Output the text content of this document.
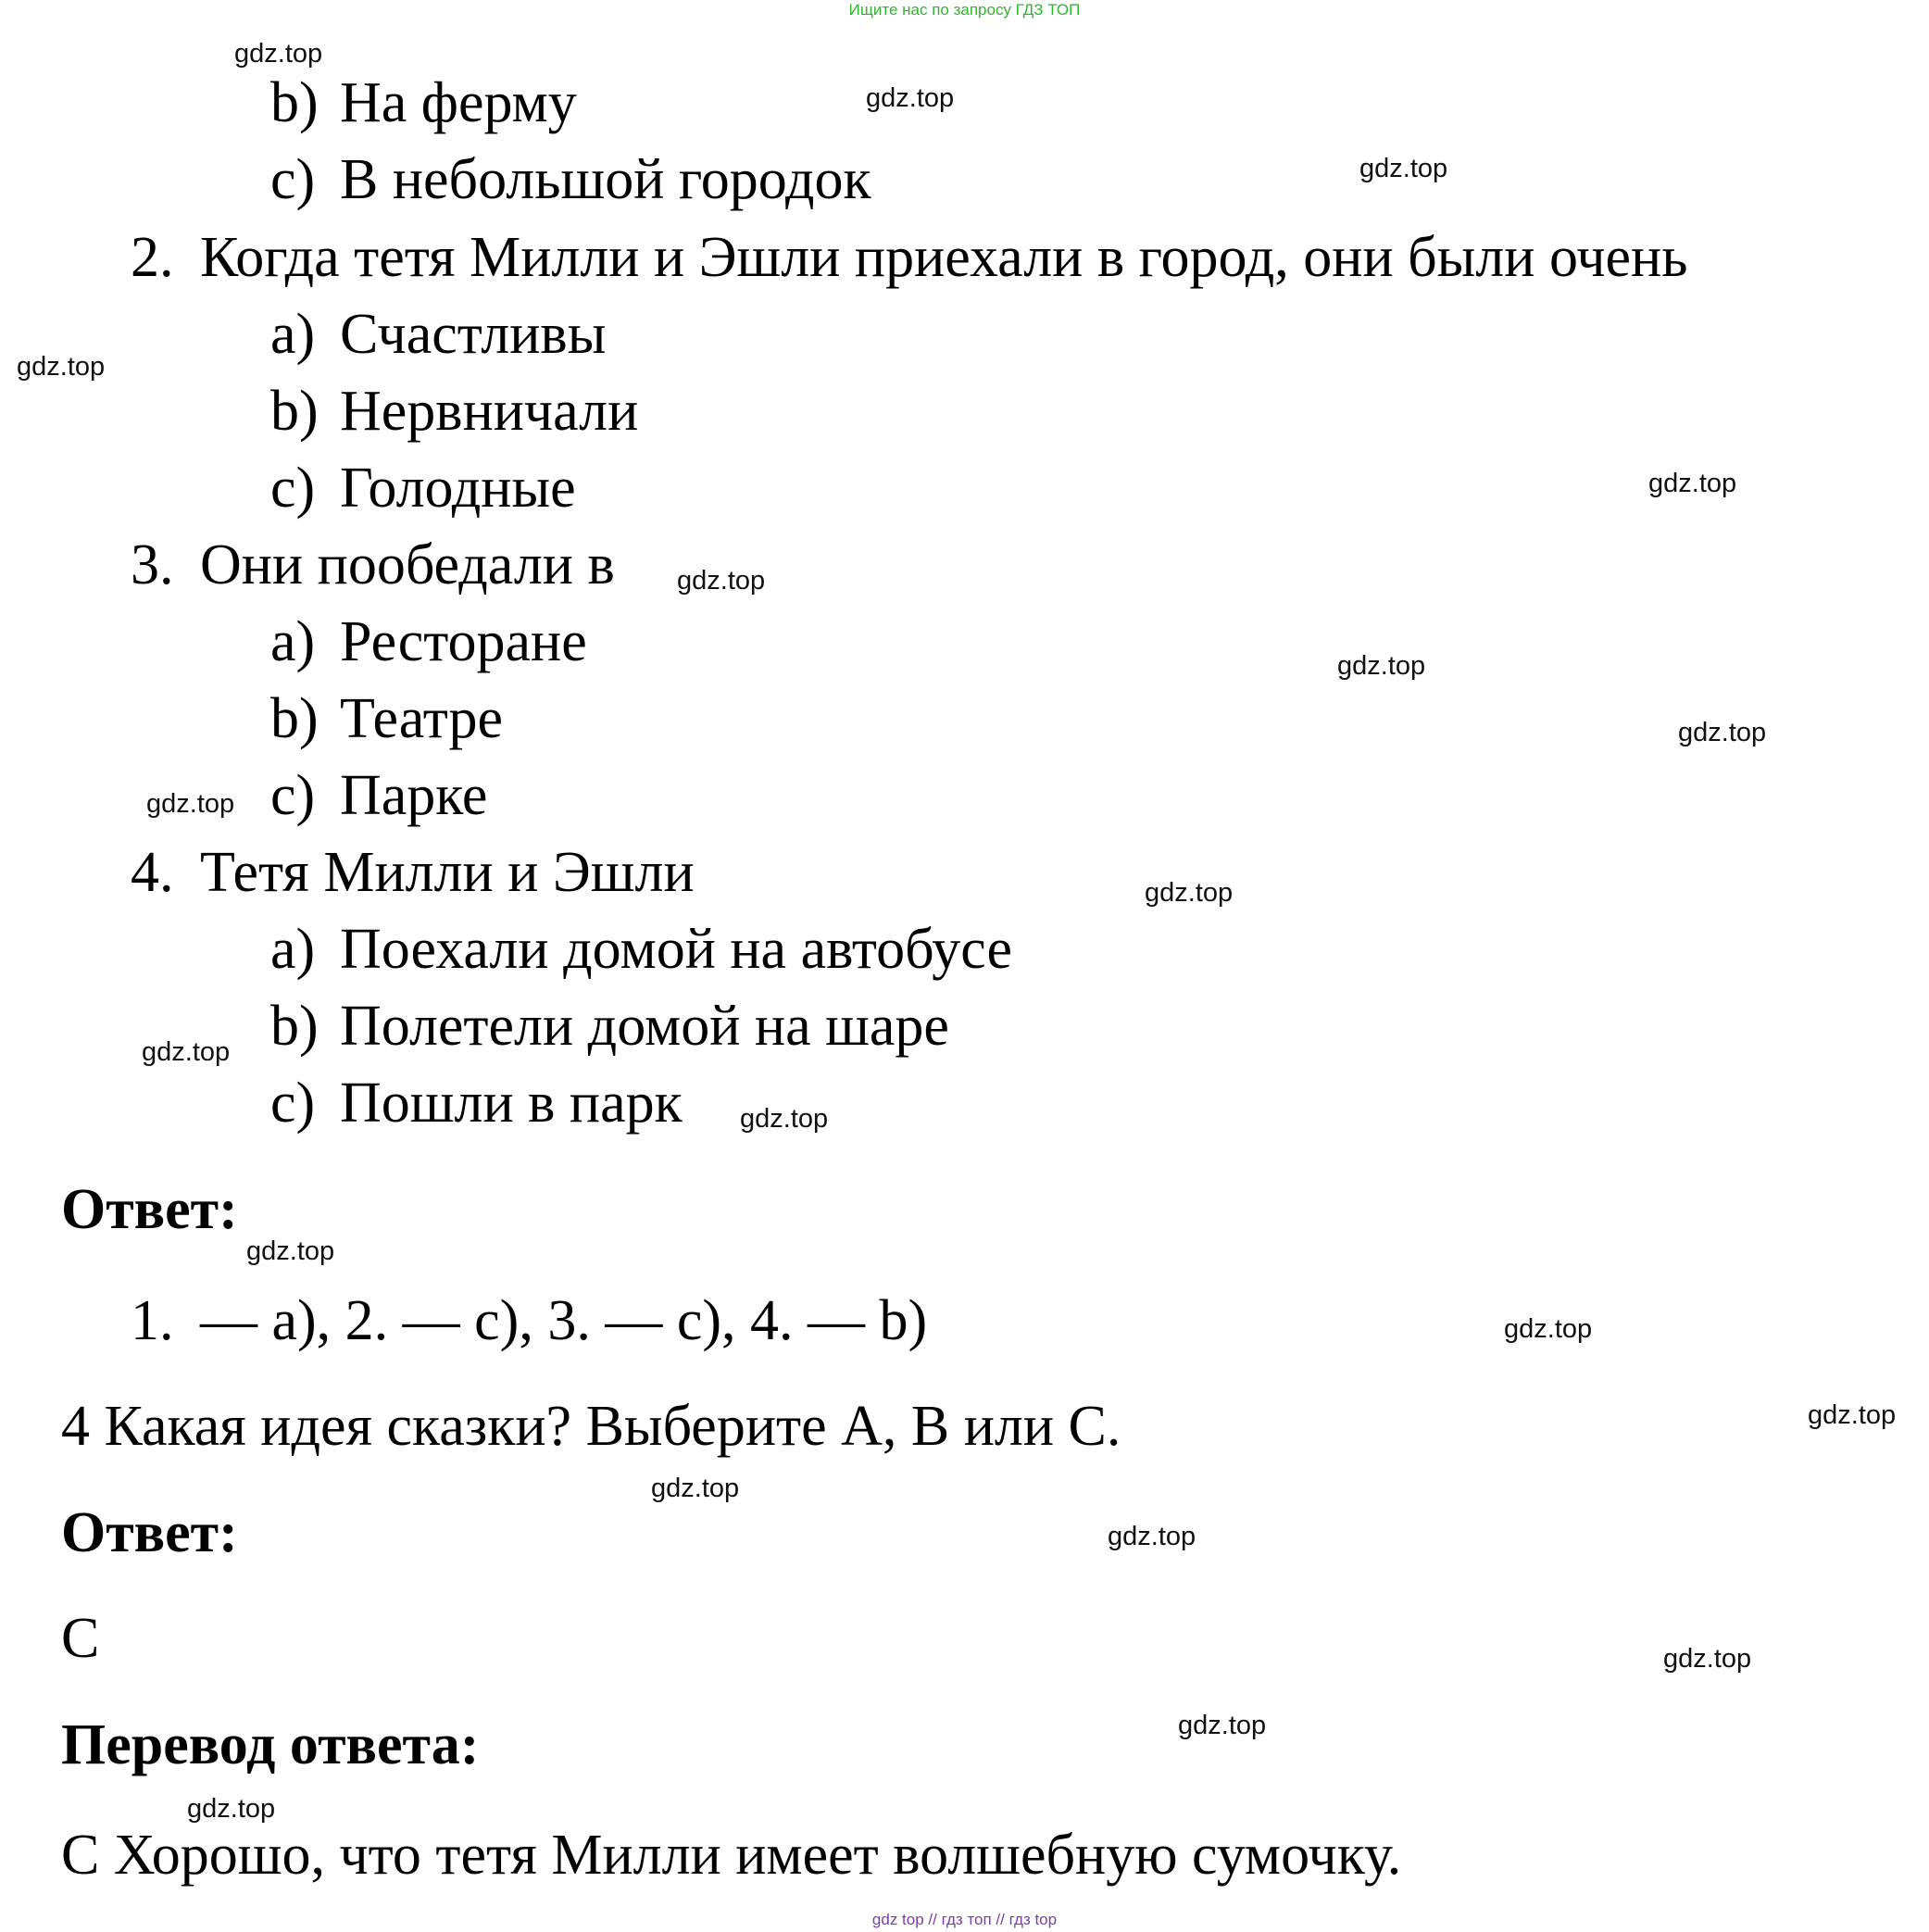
Ищите нас по запросу ГДЗ ТОП
b) На ферму
c) В небольшой городок
2. Когда тетя Милли и Эшли приехали в город, они были очень
a) Счастливы
b) Нервничали
c) Голодные
3. Они пообедали в
a) Ресторане
b) Театре
c) Парке
4. Тетя Милли и Эшли
a) Поехали домой на автобусе
b) Полетели домой на шаре
c) Пошли в парк
Ответ:
1. — a), 2. — c), 3. — c), 4. — b)
4 Какая идея сказки? Выберите A, B или C.
Ответ:
C
Перевод ответа:
C Хорошо, что тетя Милли имеет волшебную сумочку.
gdz.top
gdz.top
gdz.top
gdz.top
gdz.top
gdz.top
gdz.top
gdz.top
gdz.top
gdz.top
gdz.top
gdz.top
gdz.top
gdz.top
gdz.top
gdz.top
gdz.top
gdz.top
gdz.top
gdz.top
gdz top // гдз топ // гдз top
